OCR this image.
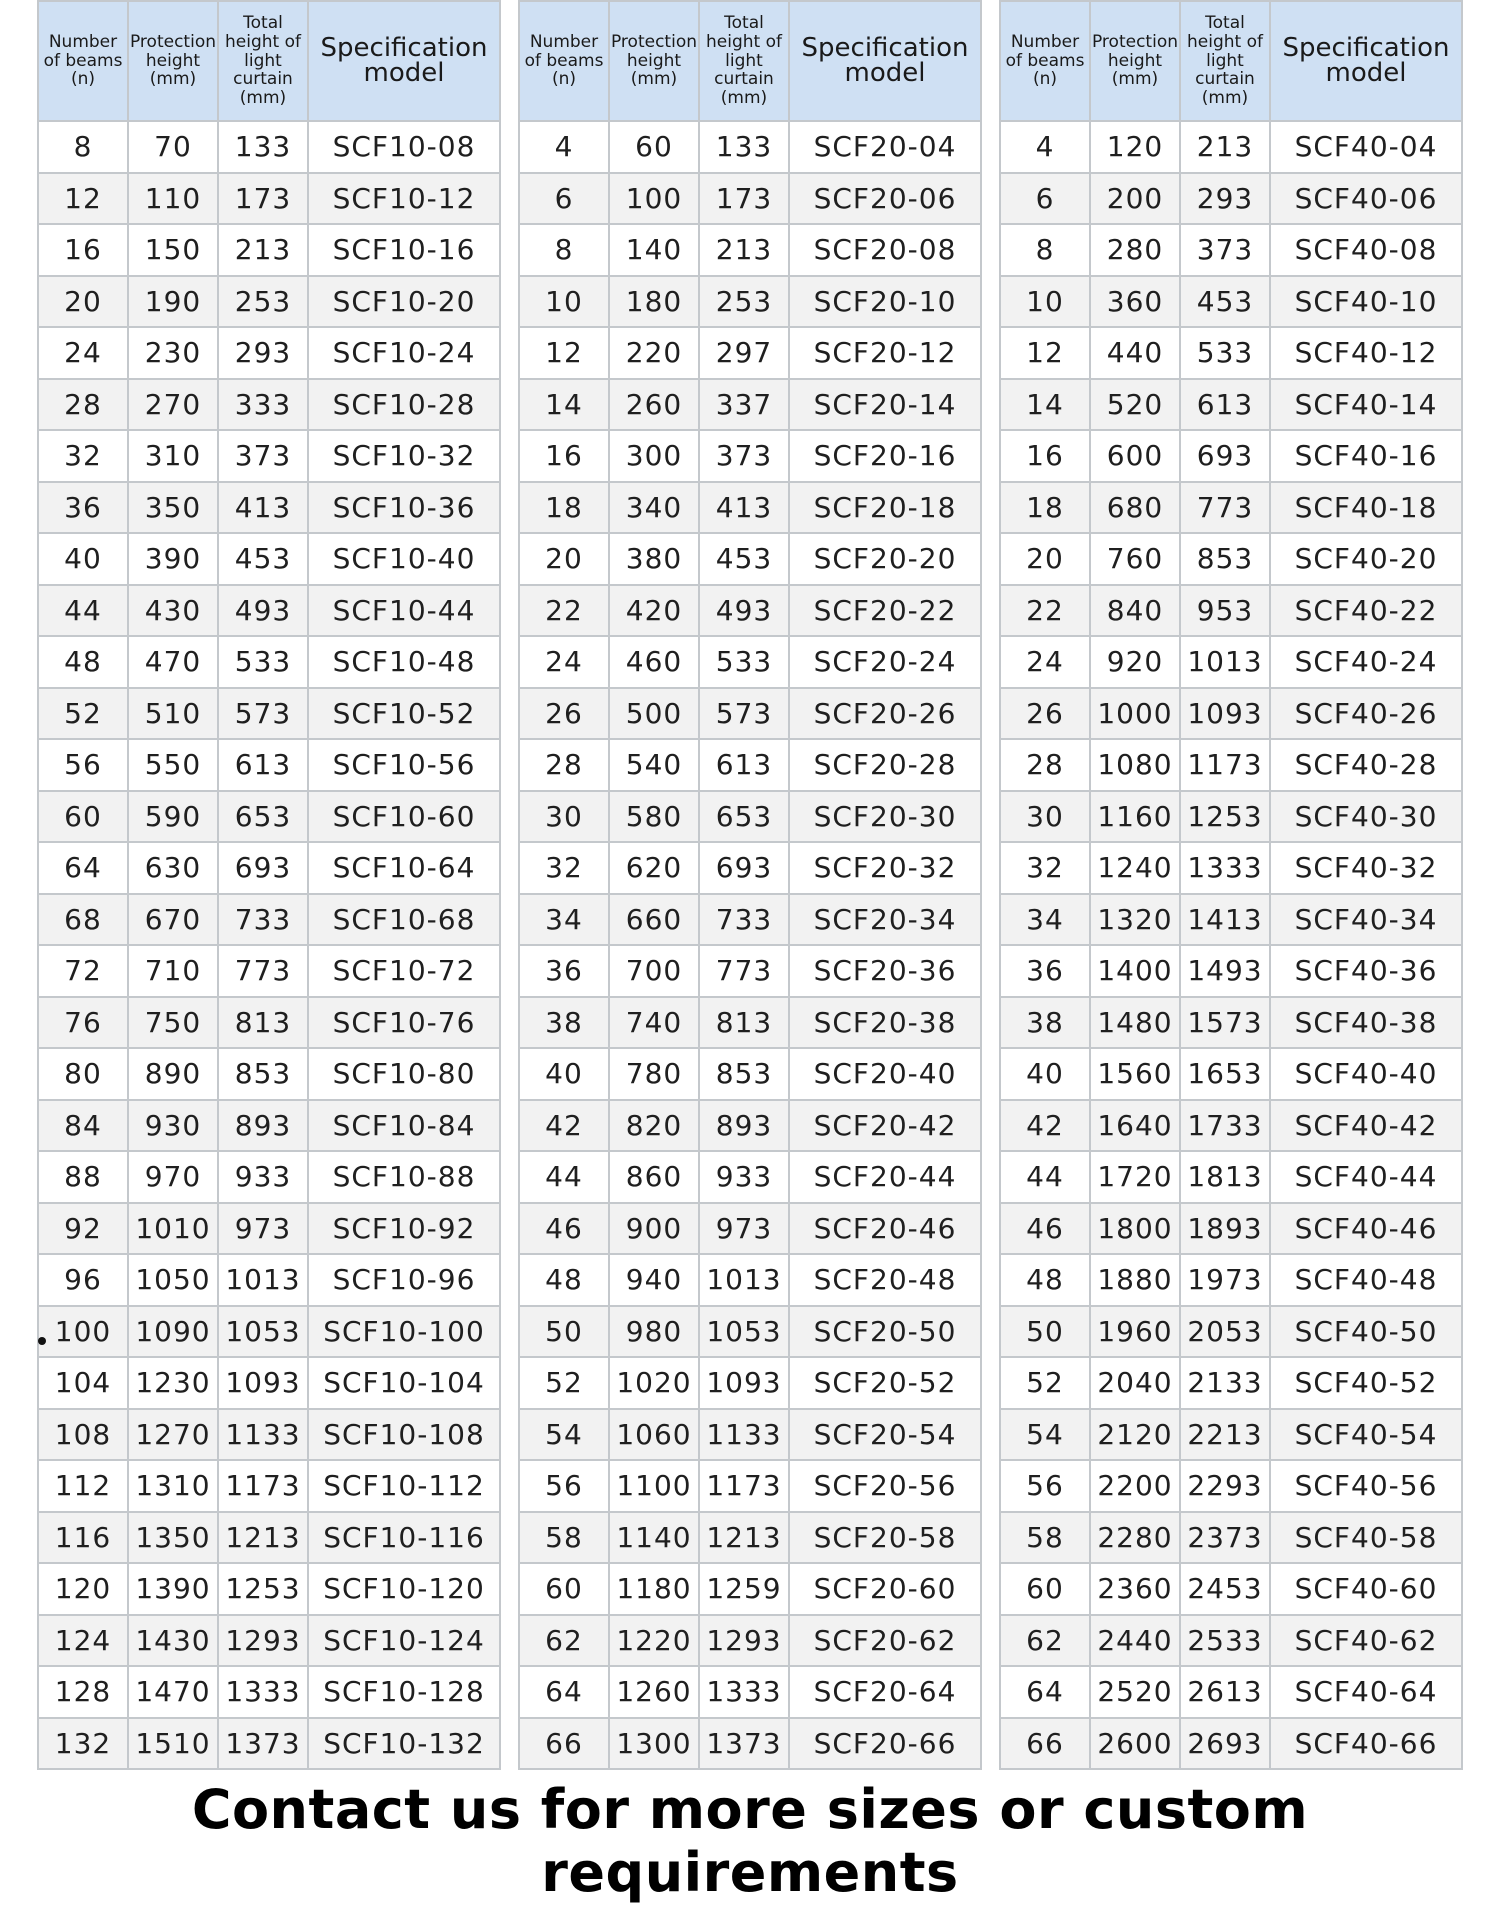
Number of beams (n)	Protection height (mm)	Total height of light curtain (mm)	Specification model
8	70	133	SCF10-08
12	110	173	SCF10-12
16	150	213	SCF10-16
20	190	253	SCF10-20
24	230	293	SCF10-24
28	270	333	SCF10-28
32	310	373	SCF10-32
36	350	413	SCF10-36
40	390	453	SCF10-40
44	430	493	SCF10-44
48	470	533	SCF10-48
52	510	573	SCF10-52
56	550	613	SCF10-56
60	590	653	SCF10-60
64	630	693	SCF10-64
68	670	733	SCF10-68
72	710	773	SCF10-72
76	750	813	SCF10-76
80	890	853	SCF10-80
84	930	893	SCF10-84
88	970	933	SCF10-88
92	1010	973	SCF10-92
96	1050	1013	SCF10-96
100	1090	1053	SCF10-100
104	1230	1093	SCF10-104
108	1270	1133	SCF10-108
112	1310	1173	SCF10-112
116	1350	1213	SCF10-116
120	1390	1253	SCF10-120
124	1430	1293	SCF10-124
128	1470	1333	SCF10-128
132	1510	1373	SCF10-132
Number of beams (n)	Protection height (mm)	Total height of light curtain (mm)	Specification model
4	60	133	SCF20-04
6	100	173	SCF20-06
8	140	213	SCF20-08
10	180	253	SCF20-10
12	220	297	SCF20-12
14	260	337	SCF20-14
16	300	373	SCF20-16
18	340	413	SCF20-18
20	380	453	SCF20-20
22	420	493	SCF20-22
24	460	533	SCF20-24
26	500	573	SCF20-26
28	540	613	SCF20-28
30	580	653	SCF20-30
32	620	693	SCF20-32
34	660	733	SCF20-34
36	700	773	SCF20-36
38	740	813	SCF20-38
40	780	853	SCF20-40
42	820	893	SCF20-42
44	860	933	SCF20-44
46	900	973	SCF20-46
48	940	1013	SCF20-48
50	980	1053	SCF20-50
52	1020	1093	SCF20-52
54	1060	1133	SCF20-54
56	1100	1173	SCF20-56
58	1140	1213	SCF20-58
60	1180	1259	SCF20-60
62	1220	1293	SCF20-62
64	1260	1333	SCF20-64
66	1300	1373	SCF20-66
Number of beams (n)	Protection height (mm)	Total height of light curtain (mm)	Specification model
4	120	213	SCF40-04
6	200	293	SCF40-06
8	280	373	SCF40-08
10	360	453	SCF40-10
12	440	533	SCF40-12
14	520	613	SCF40-14
16	600	693	SCF40-16
18	680	773	SCF40-18
20	760	853	SCF40-20
22	840	953	SCF40-22
24	920	1013	SCF40-24
26	1000	1093	SCF40-26
28	1080	1173	SCF40-28
30	1160	1253	SCF40-30
32	1240	1333	SCF40-32
34	1320	1413	SCF40-34
36	1400	1493	SCF40-36
38	1480	1573	SCF40-38
40	1560	1653	SCF40-40
42	1640	1733	SCF40-42
44	1720	1813	SCF40-44
46	1800	1893	SCF40-46
48	1880	1973	SCF40-48
50	1960	2053	SCF40-50
52	2040	2133	SCF40-52
54	2120	2213	SCF40-54
56	2200	2293	SCF40-56
58	2280	2373	SCF40-58
60	2360	2453	SCF40-60
62	2440	2533	SCF40-62
64	2520	2613	SCF40-64
66	2600	2693	SCF40-66
Contact us for more sizes or custom requirements
